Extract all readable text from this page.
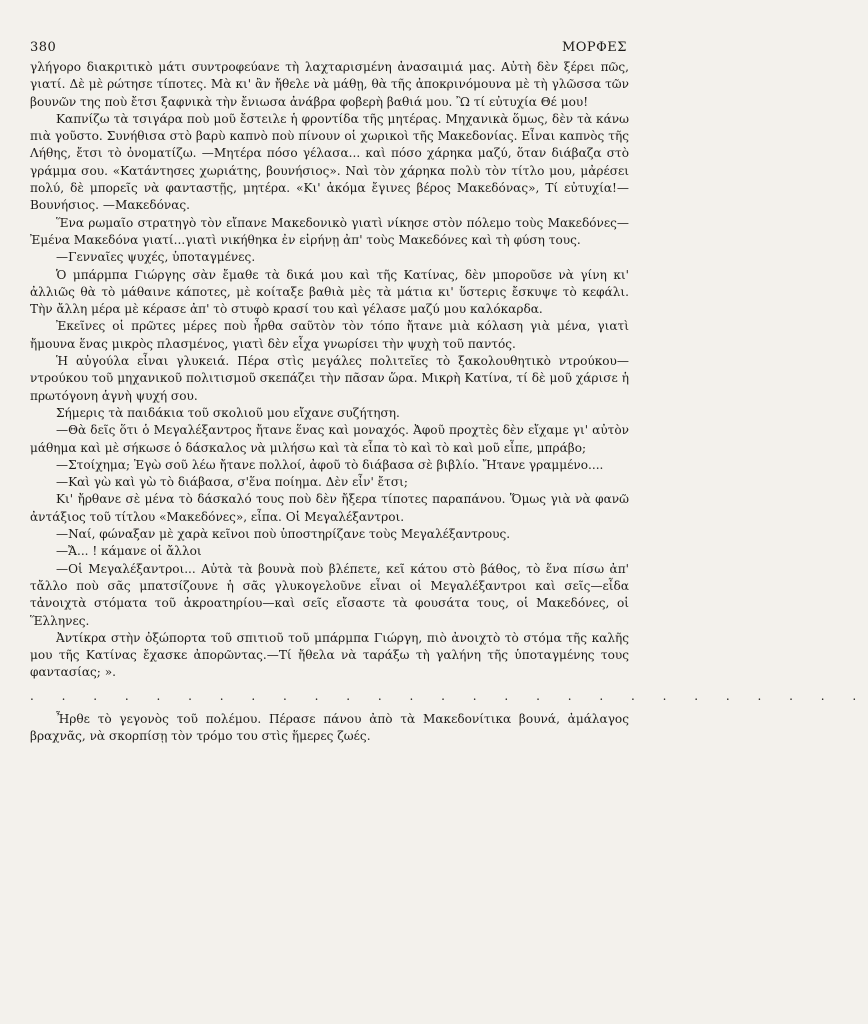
380	ΜΟΡΦΕΣ

γλήγορο διακριτικὸ μάτι συντροφεύανε τὴ λαχταρισμένη ἀνασαιμιά μας. Αὐτὴ δὲν ξέρει πῶς, γιατί. Δὲ μὲ ρώτησε τίποτες. Μὰ κι' ἂν ἤθελε νὰ μάθῃ, θὰ τῆς ἀποκρινόμουνα μὲ τὴ γλῶσσα τῶν βουνῶν της ποὺ ἔτσι ξαφνικὰ τὴν ἔνιωσα ἀνάβρα φοβερὴ βαθιά μου. Ὢ τί εὐτυχία Θέ μου!

Καπνίζω τὰ τσιγάρα ποὺ μοῦ ἔστειλε ἡ φροντίδα τῆς μητέρας. Μηχανικὰ ὅμως, δὲν τὰ κάνω πιὰ γοῦστο. Συνήθισα στὸ βαρὺ καπνὸ ποὺ πίνουν οἱ χωρικοὶ τῆς Μακεδονίας. Εἶναι καπνὸς τῆς Λήθης, ἔτσι τὸ ὀνοματίζω. —Μητέρα πόσο γέλασα... καὶ πόσο χάρηκα μαζύ, ὅταν διάβαζα στὸ γράμμα σου. «Κατάντησες χωριάτης, βουνήσιος». Ναὶ τὸν χάρηκα πολὺ τὸν τίτλο μου, μἀρέσει πολύ, δὲ μπορεῖς νὰ φανταστῇς, μητέρα. «Κι' ἀκόμα ἔγινες βέρος Μακεδόνας», Τί εὐτυχία!—Βουνήσιος. —Μακεδόνας.

Ἕνα ρωμαῖο στρατηγὸ τὸν εἴπανε Μακεδονικὸ γιατὶ νίκησε στὸν πόλεμο τοὺς Μακεδόνες—Ἐμένα Μακεδόνα γιατί...γιατὶ νικήθηκα ἐν εἰρήνῃ ἀπ' τοὺς Μακεδόνες καὶ τὴ φύση τους.

—Γενναῖες ψυχές, ὑποταγμένες.

Ὁ μπάρμπα Γιώργης σὰν ἔμαθε τὰ δικά μου καὶ τῆς Κατίνας, δὲν μποροῦσε νὰ γίνη κι' ἀλλιῶς θὰ τὸ μάθαινε κάποτες, μὲ κοίταξε βαθιὰ μὲς τὰ μάτια κι' ὕστερις ἔσκυψε τὸ κεφάλι. Τὴν ἄλλη μέρα μὲ κέρασε ἀπ' τὸ στυφὸ κρασί του καὶ γέλασε μαζύ μου καλόκαρδα.

Ἐκεῖνες οἱ πρῶτες μέρες ποὺ ἦρθα σαῦτὸν τὸν τόπο ἤτανε μιὰ κόλαση γιὰ μένα, γιατὶ ἤμουνα ἕνας μικρὸς πλασμένος, γιατὶ δὲν εἶχα γνωρίσει τὴν ψυχὴ τοῦ παντός.

Ἡ αὐγούλα εἶναι γλυκειά. Πέρα στὶς μεγάλες πολιτεῖες τὸ ξακολουθητικὸ ντρούκου—ντρούκου τοῦ μηχανικοῦ πολιτισμοῦ σκεπάζει τὴν πᾶσαν ὥρα. Μικρὴ Κατίνα, τί δὲ μοῦ χάρισε ἡ πρωτόγονη ἁγνὴ ψυχή σου.

Σήμερις τὰ παιδάκια τοῦ σκολιοῦ μου εἴχανε συζήτηση.

—Θὰ δεῖς ὅτι ὁ Μεγαλέξαντρος ἤτανε ἕνας καὶ μοναχός. Ἀφοῦ προχτὲς δὲν εἴχαμε γι' αὐτὸν μάθημα καὶ μὲ σήκωσε ὁ δάσκαλος νὰ μιλήσω καὶ τὰ εἶπα τὸ καὶ τὸ καὶ μοῦ εἶπε, μπράβο;

—Στοίχημα; Ἐγὼ σοῦ λέω ἤτανε πολλοί, ἀφοῦ τὸ διάβασα σὲ βιβλίο. Ἤτανε γραμμένο....

—Καὶ γὼ καὶ γὼ τὸ διάβασα, σ'ἕνα ποίημα. Δὲν εἶν' ἔτσι;

Κι' ἤρθανε σὲ μένα τὸ δάσκαλό τους ποὺ δὲν ἤξερα τίποτες παραπάνου. Ὅμως γιὰ νὰ φανῶ ἀντάξιος τοῦ τίτλου «Μακεδόνες», εἶπα. Οἱ Μεγαλέξαντροι.

—Ναί, φώναξαν μὲ χαρὰ κεῖνοι ποὺ ὑποστηρίζανε τοὺς Μεγαλέξαντρους.

—Ἄ... ! κάμανε οἱ ἄλλοι

—Οἱ Μεγαλέξαντροι... Αὐτὰ τὰ βουνὰ ποὺ βλέπετε, κεῖ κάτου στὸ βάθος, τὸ ἕνα πίσω ἀπ' τἄλλο ποὺ σᾶς μπατσίζουνε ἡ σᾶς γλυκογελοῦνε εἶναι οἱ Μεγαλέξαντροι καὶ σεῖς—εἶδα τἀνοιχτὰ στόματα τοῦ ἀκροατηρίου—καὶ σεῖς εἴσαστε τὰ φουσάτα τους, οἱ Μακεδόνες, οἱ Ἕλληνες.

Ἀντίκρα στὴν ὀξώπορτα τοῦ σπιτιοῦ τοῦ μπάρμπα Γιώργη, πιὸ ἀνοιχτὸ τὸ στόμα τῆς καλῆς μου τῆς Κατίνας ἔχασκε ἀπορῶντας.—Τί ἤθελα νὰ ταράξω τὴ γαλήνη τῆς ὑποταγμένης τους φαντασίας; ».

. . . . . . . . . . . . . . . . . . . . . . . . . . .

Ἦρθε τὸ γεγονὸς τοῦ πολέμου. Πέρασε πάνου ἀπὸ τὰ Μακεδονίτικα βουνά, ἀμάλαγος βραχνᾶς, νὰ σκορπίσῃ τὸν τρόμο του στὶς ἥμερες ζωές.
